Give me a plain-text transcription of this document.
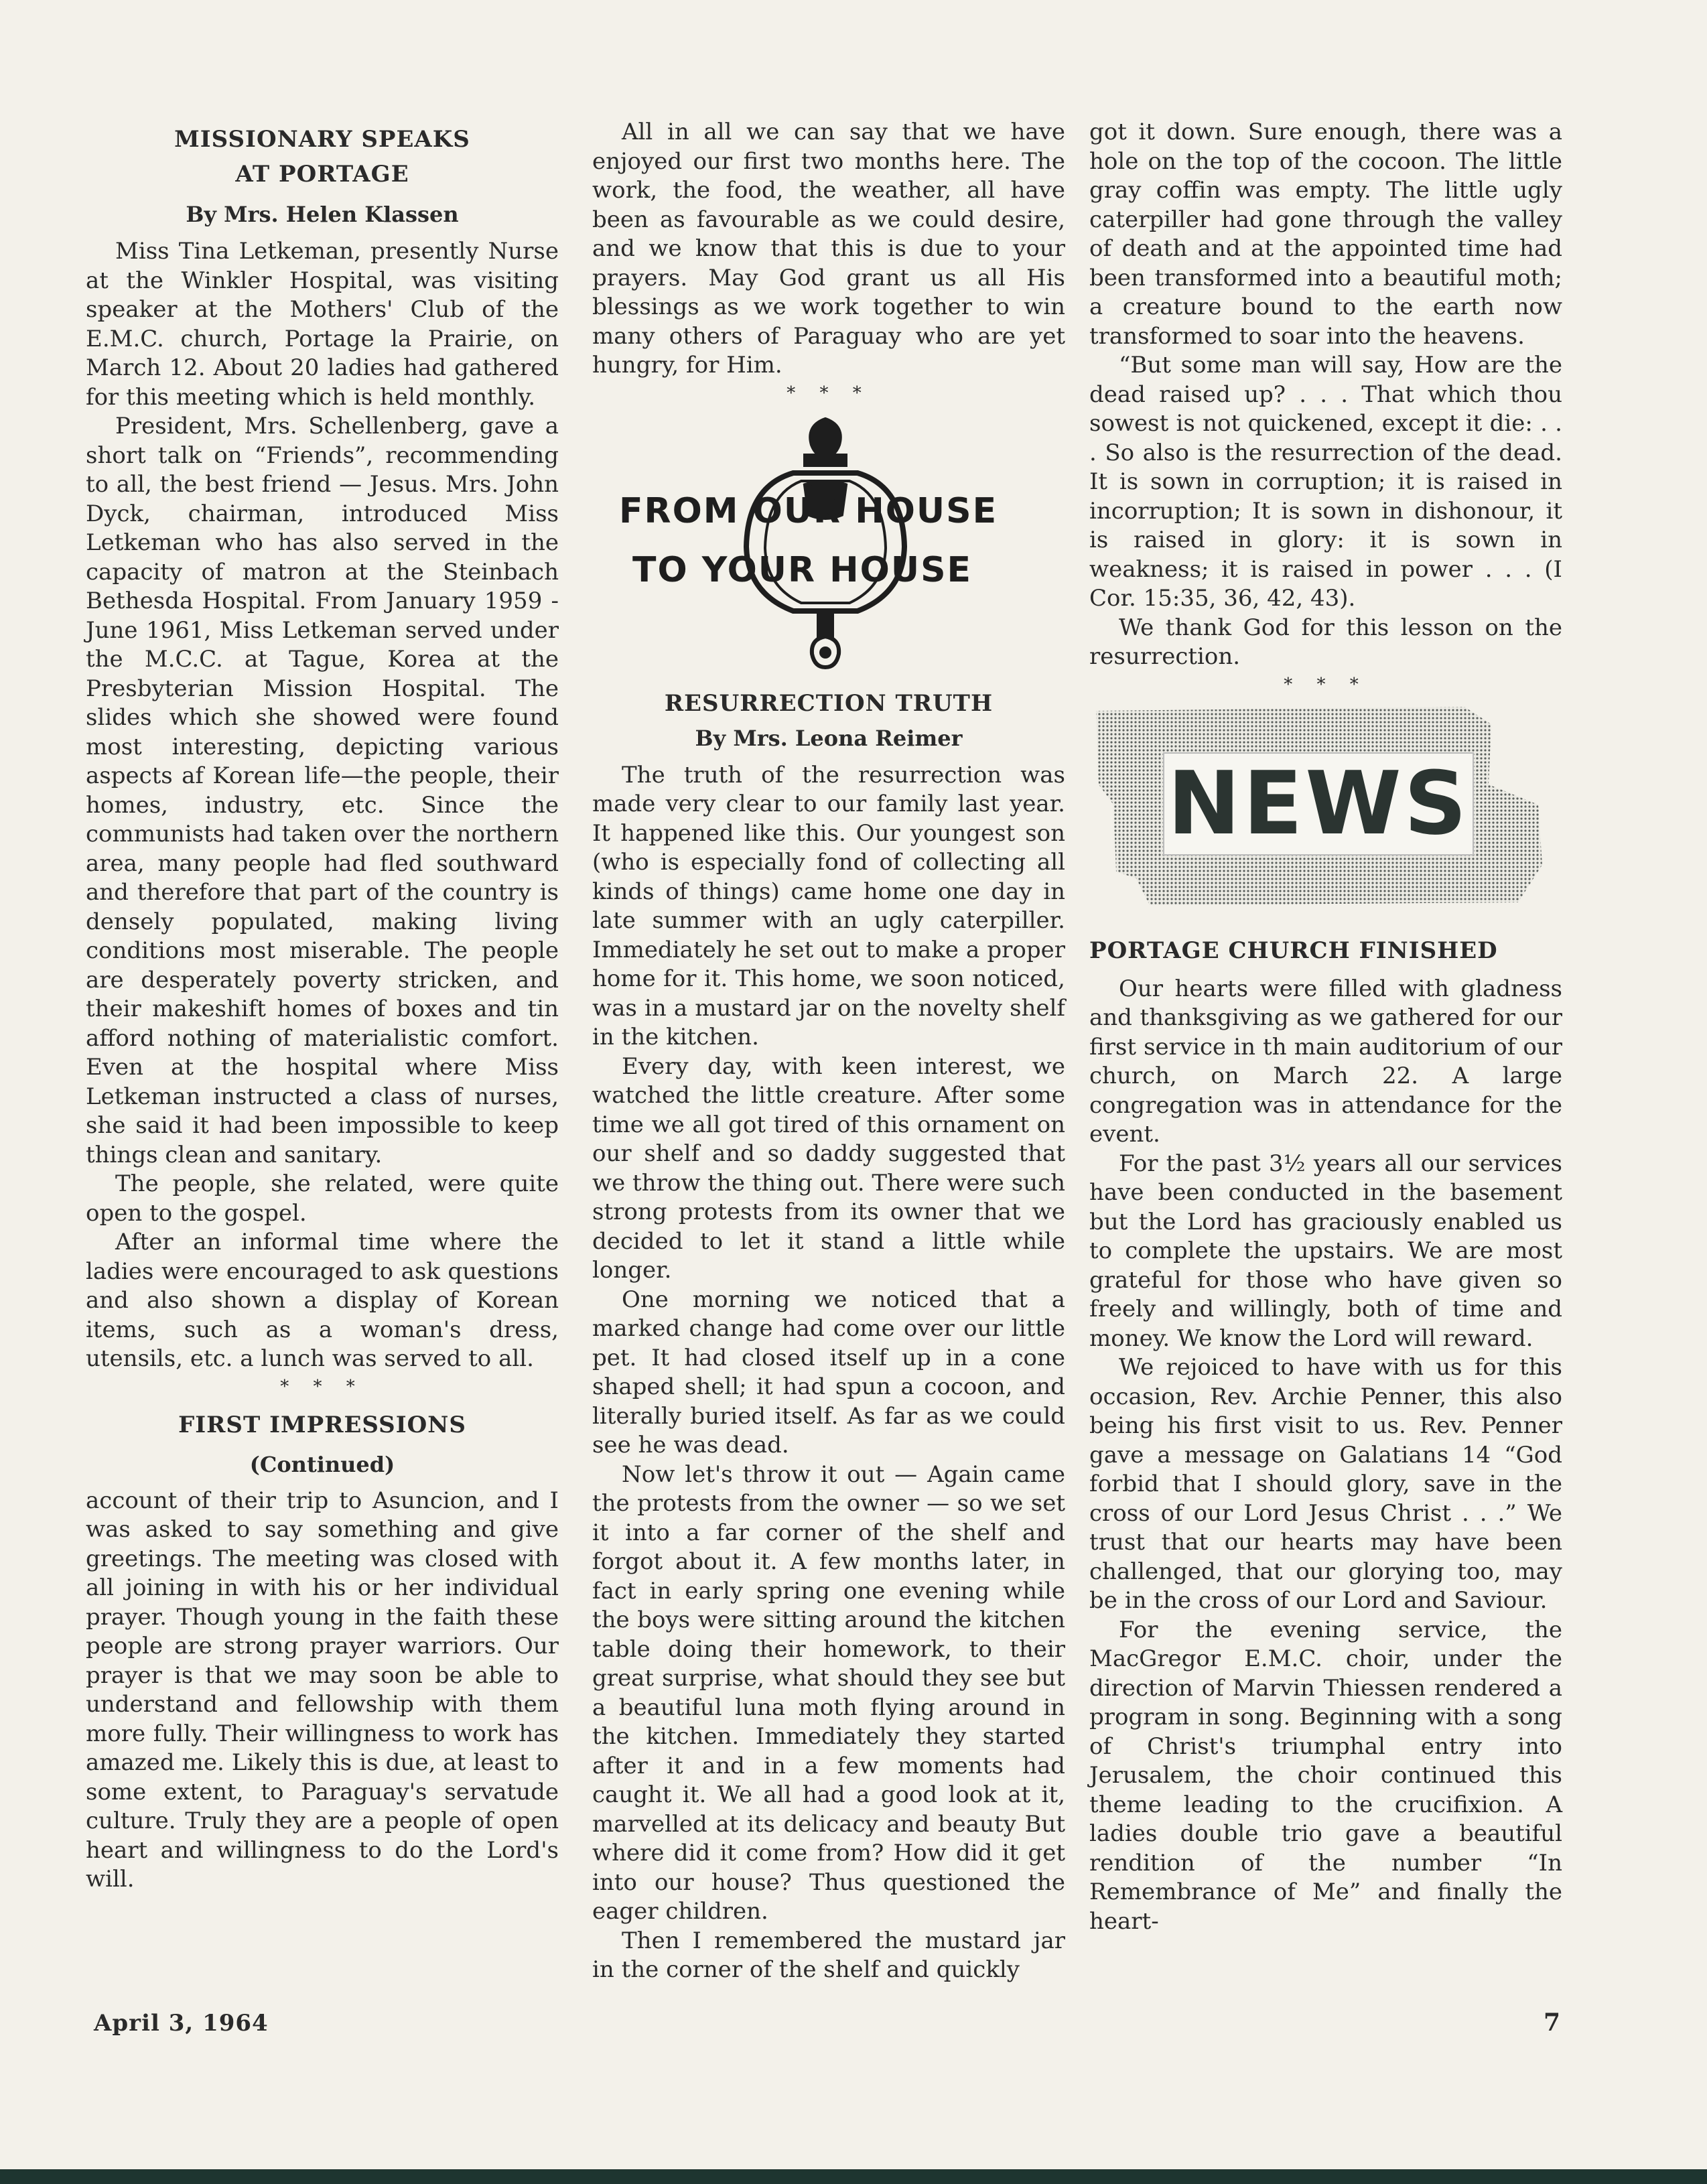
MISSIONARY SPEAKS
AT PORTAGE
By Mrs. Helen Klassen

Miss Tina Letkeman, presently Nurse at the Winkler Hospital, was visiting speaker at the Mothers' Club of the E.M.C. church, Portage la Prairie, on March 12. About 20 ladies had gathered for this meeting which is held monthly.

President, Mrs. Schellenberg, gave a short talk on “Friends”, recommending to all, the best friend — Jesus. Mrs. John Dyck, chairman, introduced Miss Letkeman who has also served in the capacity of matron at the Steinbach Bethesda Hospital. From January 1959 - June 1961, Miss Letkeman served under the M.C.C. at Tague, Korea at the Presbyterian Mission Hospital. The slides which she showed were found most interesting, depicting various aspects af Korean life—the people, their homes, industry, etc. Since the communists had taken over the northern area, many people had fled southward and therefore that part of the country is densely populated, making living conditions most miserable. The people are desperately poverty stricken, and their makeshift homes of boxes and tin afford nothing of materialistic comfort. Even at the hospital where Miss Letkeman instructed a class of nurses, she said it had been impossible to keep things clean and sanitary.

The people, she related, were quite open to the gospel.

After an informal time where the ladies were encouraged to ask questions and also shown a display of Korean items, such as a woman's dress, utensils, etc. a lunch was served to all.

* * *
FIRST IMPRESSIONS
(Continued)

account of their trip to Asuncion, and I was asked to say something and give greetings. The meeting was closed with all joining in with his or her individual prayer. Though young in the faith these people are strong prayer warriors. Our prayer is that we may soon be able to understand and fellowship with them more fully. Their willingness to work has amazed me. Likely this is due, at least to some extent, to Paraguay's servatude culture. Truly they are a people of open heart and willingness to do the Lord's will.

All in all we can say that we have enjoyed our first two months here. The work, the food, the weather, all have been as favourable as we could desire, and we know that this is due to your prayers. May God grant us all His blessings as we work together to win many others of Paraguay who are yet hungry, for Him.

* * *
FROM OUR HOUSE
TO YOUR HOUSE
RESURRECTION TRUTH
By Mrs. Leona Reimer

The truth of the resurrection was made very clear to our family last year. It happened like this. Our youngest son (who is especially fond of collecting all kinds of things) came home one day in late summer with an ugly caterpiller. Immediately he set out to make a proper home for it. This home, we soon noticed, was in a mustard jar on the novelty shelf in the kitchen.

Every day, with keen interest, we watched the little creature. After some time we all got tired of this ornament on our shelf and so daddy suggested that we throw the thing out. There were such strong protests from its owner that we decided to let it stand a little while longer.

One morning we noticed that a marked change had come over our little pet. It had closed itself up in a cone shaped shell; it had spun a cocoon, and literally buried itself. As far as we could see he was dead.

Now let's throw it out — Again came the protests from the owner — so we set it into a far corner of the shelf and forgot about it. A few months later, in fact in early spring one evening while the boys were sitting around the kitchen table doing their homework, to their great surprise, what should they see but a beautiful luna moth flying around in the kitchen. Immediately they started after it and in a few moments had caught it. We all had a good look at it, marvelled at its delicacy and beauty But where did it come from? How did it get into our house? Thus questioned the eager children.

Then I remembered the mustard jar in the corner of the shelf and quickly

got it down. Sure enough, there was a hole on the top of the cocoon. The little gray coffin was empty. The little ugly caterpiller had gone through the valley of death and at the appointed time had been transformed into a beautiful moth; a creature bound to the earth now transformed to soar into the heavens.

“But some man will say, How are the dead raised up? . . . That which thou sowest is not quickened, except it die: . . . So also is the resurrection of the dead. It is sown in corruption; it is raised in incorruption; It is sown in dishonour, it is raised in glory: it is sown in weakness; it is raised in power . . . (I Cor. 15:35, 36, 42, 43).

We thank God for this lesson on the resurrection.

* * *
NEWS
PORTAGE CHURCH FINISHED

Our hearts were filled with gladness and thanksgiving as we gathered for our first service in th main auditorium of our church, on March 22. A large congregation was in attendance for the event.

For the past 3½ years all our services have been conducted in the basement but the Lord has graciously enabled us to complete the upstairs. We are most grateful for those who have given so freely and willingly, both of time and money. We know the Lord will reward.

We rejoiced to have with us for this occasion, Rev. Archie Penner, this also being his first visit to us. Rev. Penner gave a message on Galatians 14 “God forbid that I should glory, save in the cross of our Lord Jesus Christ . . .” We trust that our hearts may have been challenged, that our glorying too, may be in the cross of our Lord and Saviour.

For the evening service, the MacGregor E.M.C. choir, under the direction of Marvin Thiessen rendered a program in song. Beginning with a song of Christ's triumphal entry into Jerusalem, the choir continued this theme leading to the crucifixion. A ladies double trio gave a beautiful rendition of the number “In Remembrance of Me” and finally the heart-

April 3, 1964	7
